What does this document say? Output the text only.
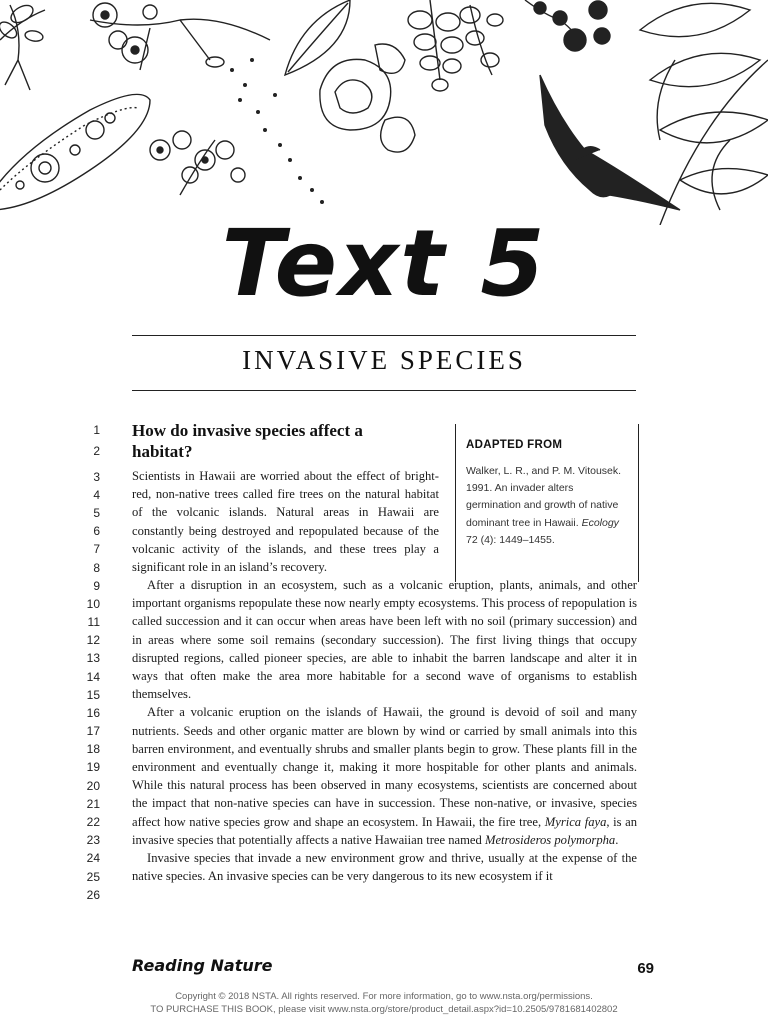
Text 5
INVASIVE SPECIES
1
2
3
4
5
6
7
8
9
10
11
12
13
14
15
16
17
18
19
20
21
22
23
24
25
26
How do invasive species affect a
habitat?	ADAPTED FROM
Walker, L. R., and P. M. Vitousek. 1991. An invader alters germination and growth of native dominant tree in Hawaii. Ecology 72 (4): 1449–1455.

Scientists in Hawaii are worried about the effect of bright-red, non-native trees called fire trees on the natural habitat of the volcanic islands. Natural areas in Hawaii are constantly being destroyed and repopulated because of the volcanic activity of the islands, and these trees play a significant role in an island’s recovery.

After a disruption in an ecosystem, such as a volcanic eruption, plants, animals, and other important organisms repopulate these now nearly empty ecosystems. This process of repopulation is called succession and it can occur when areas have been left with no soil (primary succession) and in areas where some soil remains (secondary succession). The first living things that occupy disrupted regions, called pioneer species, are able to inhabit the barren landscape and alter it in ways that often make the area more habitable for a second wave of organisms to establish themselves.

After a volcanic eruption on the islands of Hawaii, the ground is devoid of soil and many nutrients. Seeds and other organic matter are blown by wind or carried by small animals into this barren environment, and eventually shrubs and smaller plants begin to grow. These plants fill in the environment and eventually change it, making it more hospitable for other plants and animals. While this natural process has been observed in many ecosystems, scientists are concerned about the impact that non-native species can have in succession. These non-native, or invasive, species affect how native species grow and shape an ecosystem. In Hawaii, the fire tree, Myrica faya, is an invasive species that potentially affects a native Hawaiian tree named Metrosideros polymorpha.

Invasive species that invade a new environment grow and thrive, usually at the expense of the native species. An invasive species can be very dangerous to its new ecosystem if it

Reading Nature	69
Copyright © 2018 NSTA. All rights reserved. For more information, go to www.nsta.org/permissions.
TO PURCHASE THIS BOOK, please visit www.nsta.org/store/product_detail.aspx?id=10.2505/9781681402802
